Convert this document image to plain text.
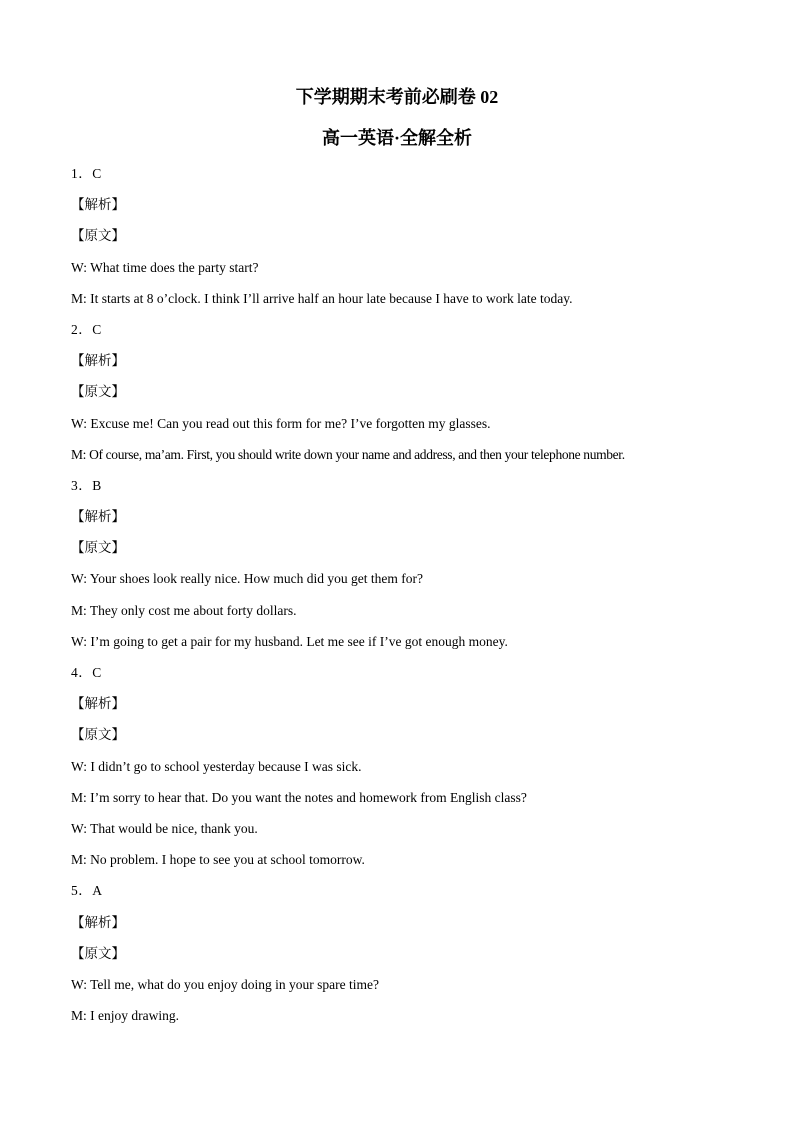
下学期期末考前必刷卷 02
高一英语·全解全析
1．C
【解析】
【原文】
W: What time does the party start?
M: It starts at 8 o’clock. I think I’ll arrive half an hour late because I have to work late today.
2．C
【解析】
【原文】
W: Excuse me! Can you read out this form for me? I’ve forgotten my glasses.
M: Of course, ma’am. First, you should write down your name and address, and then your telephone number.
3．B
【解析】
【原文】
W: Your shoes look really nice. How much did you get them for?
M: They only cost me about forty dollars.
W: I’m going to get a pair for my husband. Let me see if I’ve got enough money.
4．C
【解析】
【原文】
W: I didn’t go to school yesterday because I was sick.
M: I’m sorry to hear that. Do you want the notes and homework from English class?
W: That would be nice, thank you.
M: No problem. I hope to see you at school tomorrow.
5．A
【解析】
【原文】
W: Tell me, what do you enjoy doing in your spare time?
M: I enjoy drawing.
